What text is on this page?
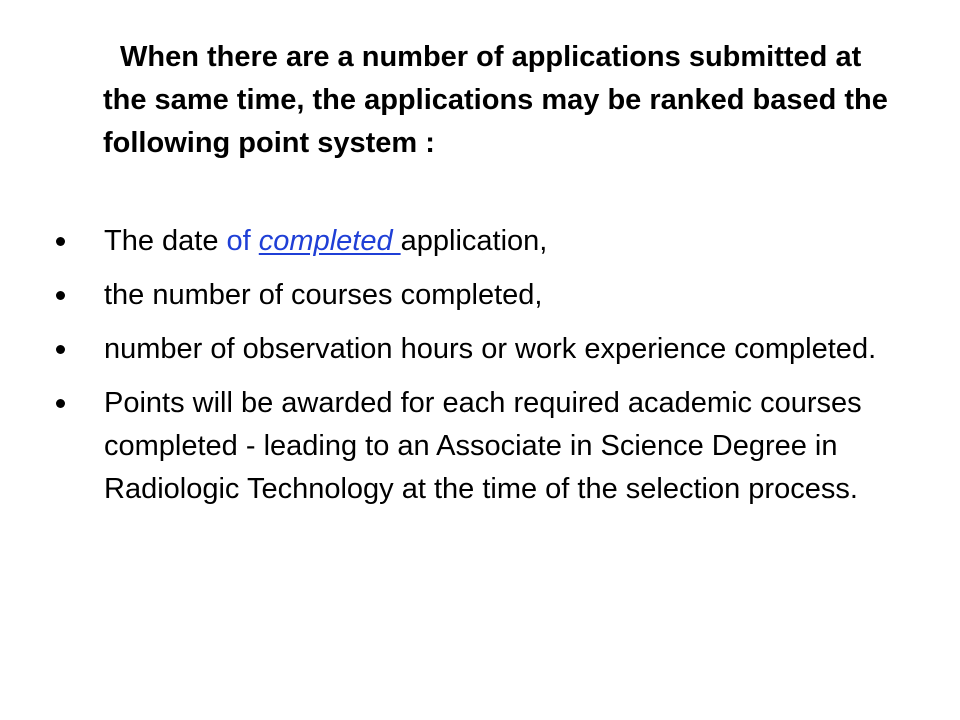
When there are a number of applications submitted at the same time, the applications may be ranked based the following point system :

The date of completed application,
the number of courses completed,
number of observation hours or work experience completed.
Points will be awarded for each required academic courses completed - leading to an Associate in Science Degree in Radiologic Technology at the time of the selection process.
